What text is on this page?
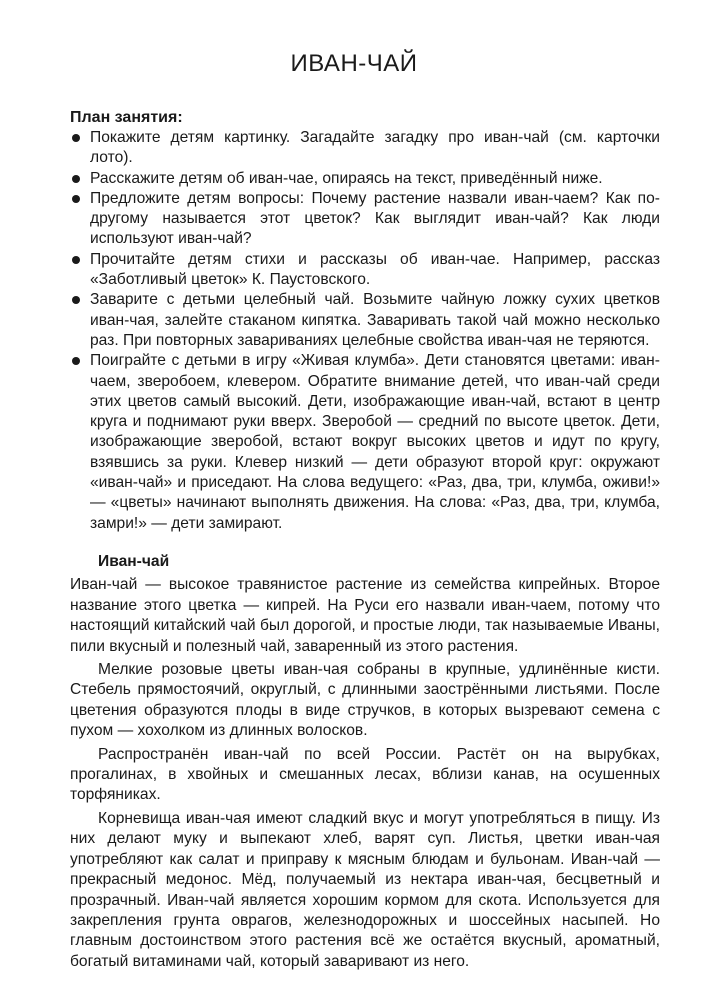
ИВАН-ЧАЙ

План занятия:

Покажите детям картинку. Загадайте загадку про иван-чай (см. карточки лото).
Расскажите детям об иван-чае, опираясь на текст, приведённый ниже.
Предложите детям вопросы: Почему растение назвали иван-чаем? Как по-другому называется этот цветок? Как выглядит иван-чай? Как люди используют иван-чай?
Прочитайте детям стихи и рассказы об иван-чае. Например, рассказ «Заботливый цветок» К. Паустовского.
Заварите с детьми целебный чай. Возьмите чайную ложку сухих цветков иван-чая, залейте стаканом кипятка. Заваривать такой чай можно несколько раз. При повторных завариваниях целебные свойства иван-чая не теряются.
Поиграйте с детьми в игру «Живая клумба». Дети становятся цветами: иван-чаем, зверобоем, клевером. Обратите внимание детей, что иван-чай среди этих цветов самый высокий. Дети, изображающие иван-чай, встают в центр круга и поднимают руки вверх. Зверобой — средний по высоте цветок. Дети, изображающие зверобой, встают вокруг высоких цветов и идут по кругу, взявшись за руки. Клевер низкий — дети образуют второй круг: окружают «иван-чай» и приседают. На слова ведущего: «Раз, два, три, клумба, оживи!» — «цветы» начинают выполнять движения. На слова: «Раз, два, три, клумба, замри!» — дети замирают.

Иван-чай

Иван-чай — высокое травянистое растение из семейства кипрейных. Второе название этого цветка — кипрей. На Руси его назвали иван-чаем, потому что настоящий китайский чай был дорогой, и простые люди, так называемые Иваны, пили вкусный и полезный чай, заваренный из этого растения.

Мелкие розовые цветы иван-чая собраны в крупные, удлинённые кисти. Стебель прямостоячий, округлый, с длинными заострёнными листьями. После цветения образуются плоды в виде стручков, в которых вызревают семена с пухом — хохолком из длинных волосков.

Распространён иван-чай по всей России. Растёт он на вырубках, прогалинах, в хвойных и смешанных лесах, вблизи канав, на осушенных торфяниках.

Корневища иван-чая имеют сладкий вкус и могут употребляться в пищу. Из них делают муку и выпекают хлеб, варят суп. Листья, цветки иван-чая употребляют как салат и приправу к мясным блюдам и бульонам. Иван-чай — прекрасный медонос. Мёд, получаемый из нектара иван-чая, бесцветный и прозрачный. Иван-чай является хорошим кормом для скота. Используется для закрепления грунта оврагов, железнодорожных и шоссейных насыпей. Но главным достоинством этого растения всё же остаётся вкусный, ароматный, богатый витаминами чай, который заваривают из него.
